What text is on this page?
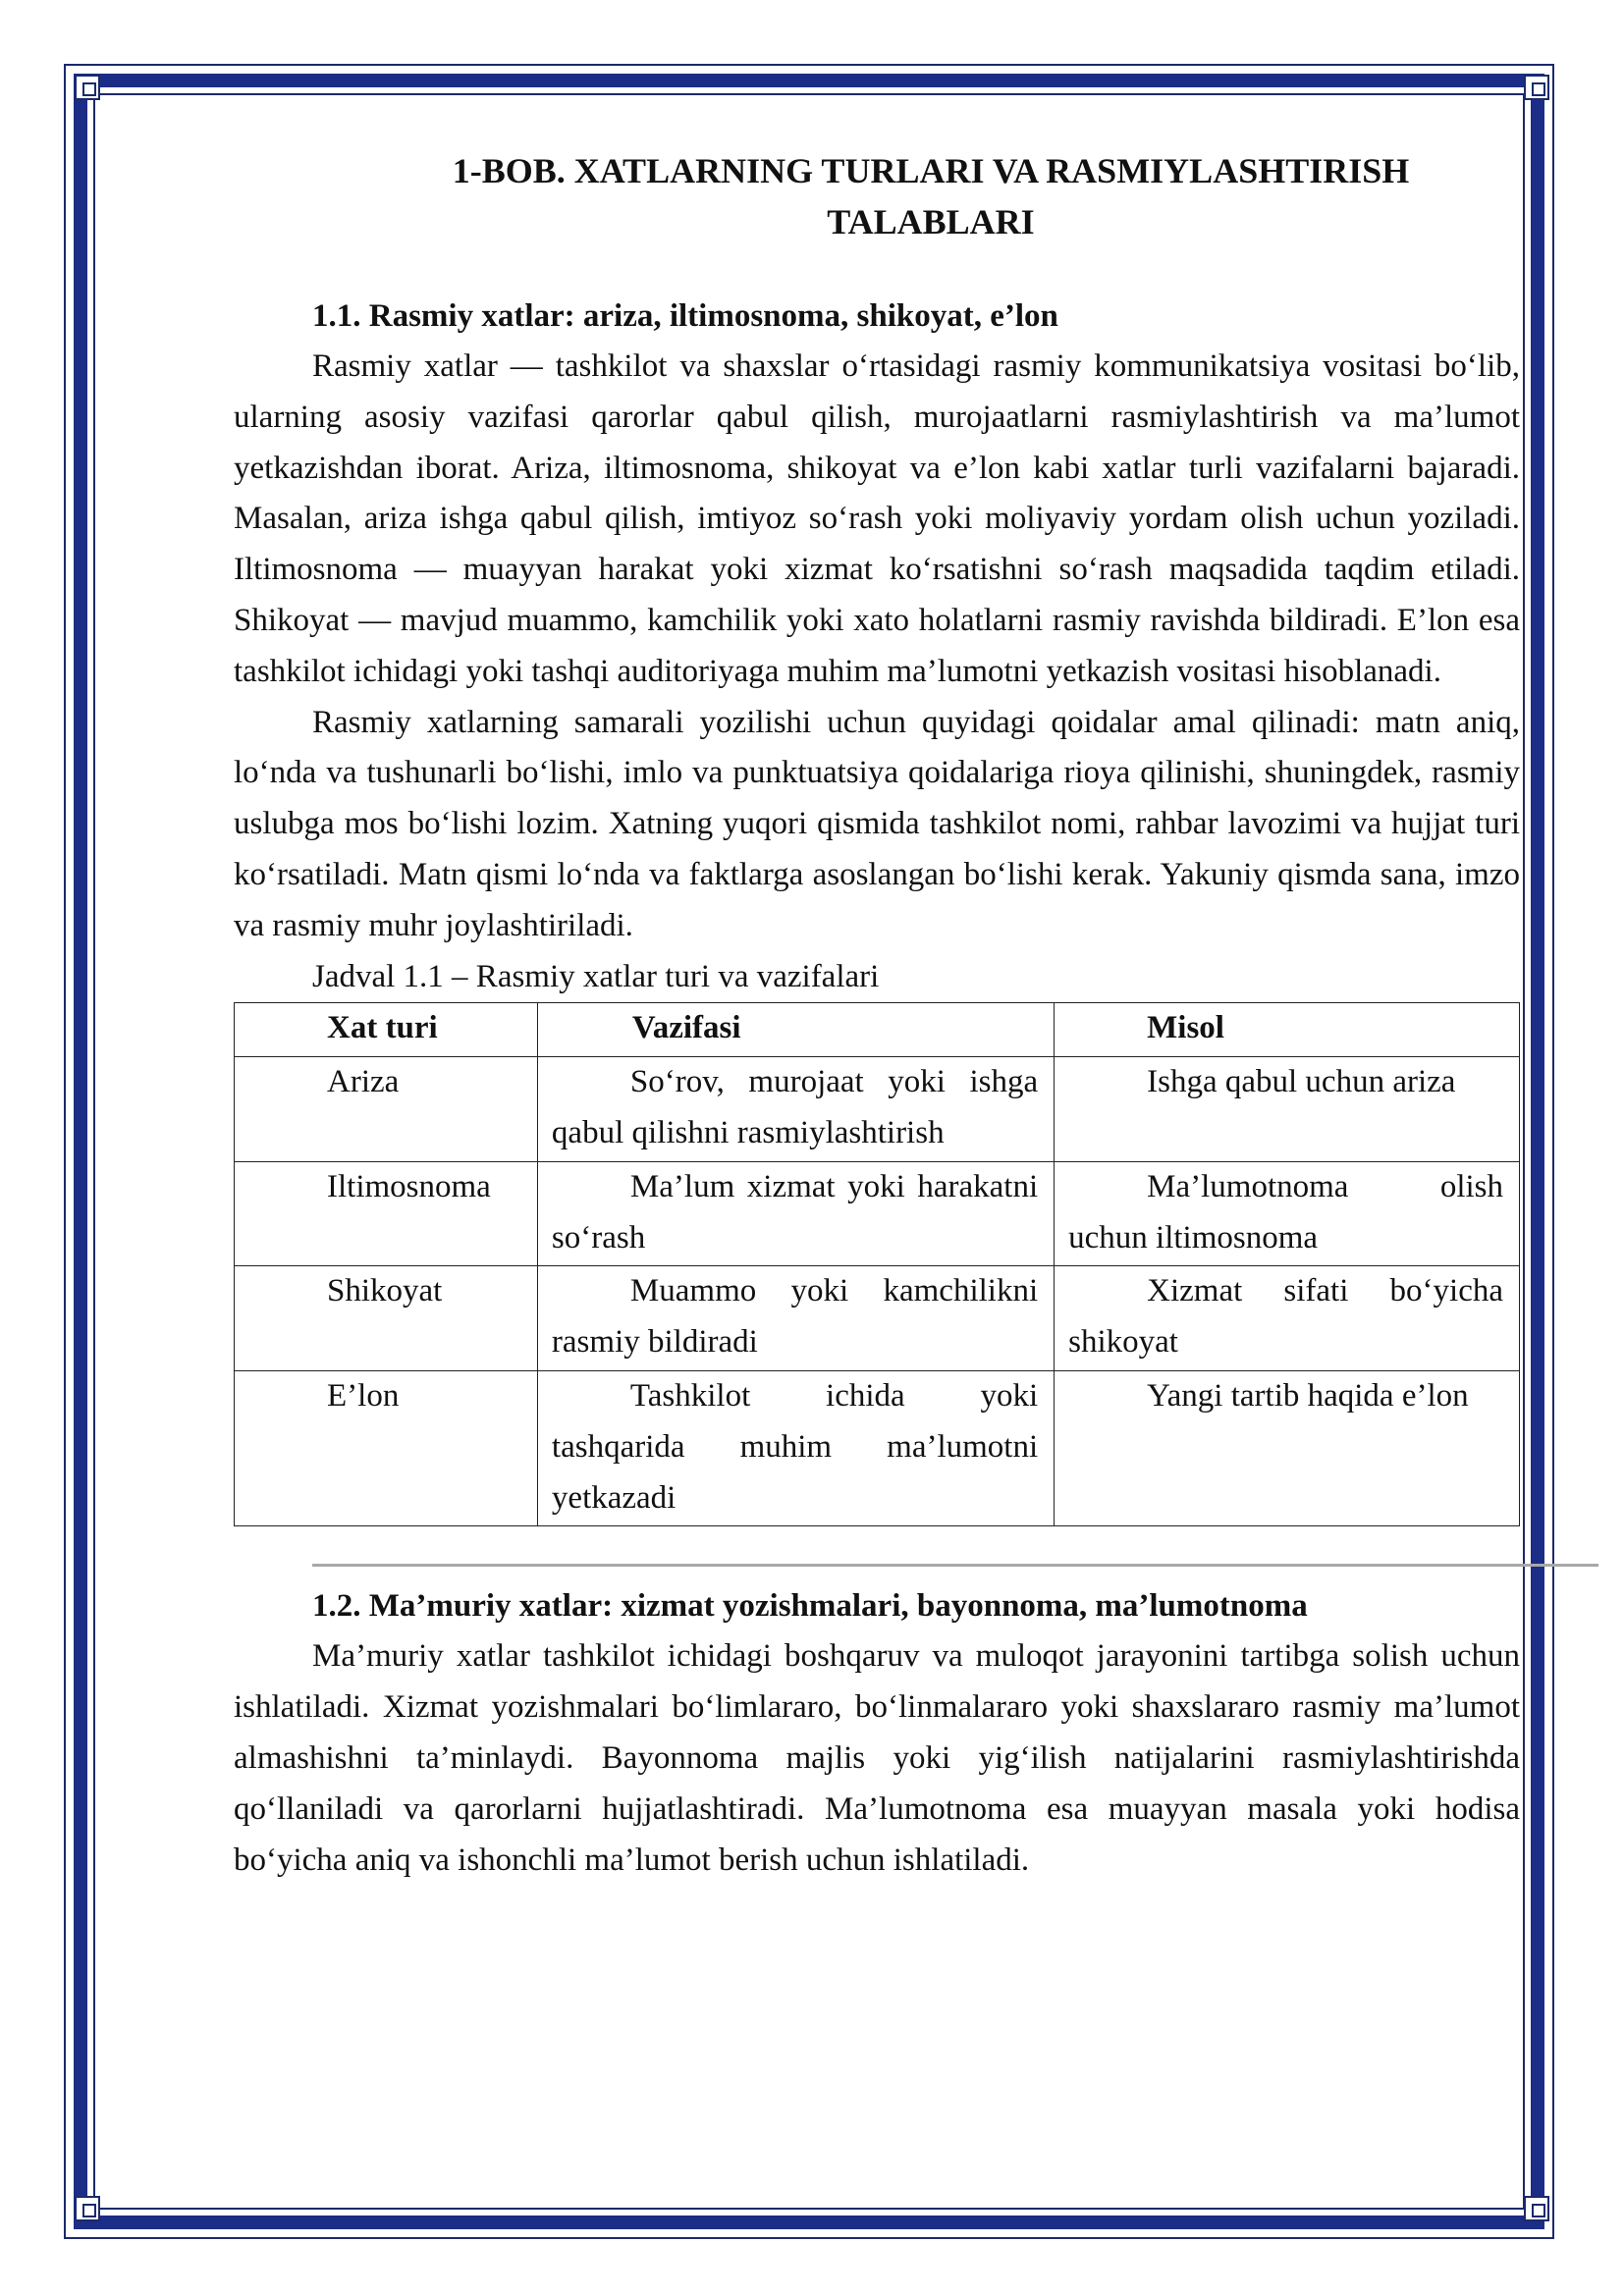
1-BOB. XATLARNING TURLARI VA RASMIYLASHTIRISH
TALABLARI
1.1. Rasmiy xatlar: ariza, iltimosnoma, shikoyat, e’lon

Rasmiy xatlar — tashkilot va shaxslar o‘rtasidagi rasmiy kommunikatsiya vositasi bo‘lib, ularning asosiy vazifasi qarorlar qabul qilish, murojaatlarni rasmiylashtirish va ma’lumot yetkazishdan iborat. Ariza, iltimosnoma, shikoyat va e’lon kabi xatlar turli vazifalarni bajaradi. Masalan, ariza ishga qabul qilish, imtiyoz so‘rash yoki moliyaviy yordam olish uchun yoziladi. Iltimosnoma — muayyan harakat yoki xizmat ko‘rsatishni so‘rash maqsadida taqdim etiladi. Shikoyat — mavjud muammo, kamchilik yoki xato holatlarni rasmiy ravishda bildiradi. E’lon esa tashkilot ichidagi yoki tashqi auditoriyaga muhim ma’lumotni yetkazish vositasi hisoblanadi.

Rasmiy xatlarning samarali yozilishi uchun quyidagi qoidalar amal qilinadi: matn aniq, lo‘nda va tushunarli bo‘lishi, imlo va punktuatsiya qoidalariga rioya qilinishi, shuningdek, rasmiy uslubga mos bo‘lishi lozim. Xatning yuqori qismida tashkilot nomi, rahbar lavozimi va hujjat turi ko‘rsatiladi. Matn qismi lo‘nda va faktlarga asoslangan bo‘lishi kerak. Yakuniy qismda sana, imzo va rasmiy muhr joylashtiriladi.

Jadval 1.1 – Rasmiy xatlar turi va vazifalari
Xat turi	Vazifasi	Misol
Ariza	So‘rov, murojaat yoki ishga qabul qilishni rasmiylashtirish	Ishga qabul uchun ariza
Iltimosnoma	Ma’lum xizmat yoki harakatni so‘rash	Ma’lumotnoma olish uchun iltimosnoma
Shikoyat	Muammo yoki kamchilikni rasmiy bildiradi	Xizmat sifati bo‘yicha shikoyat
E’lon	Tashkilot ichida yoki tashqarida muhim ma’lumotni yetkazadi	Yangi tartib haqida e’lon
1.2. Ma’muriy xatlar: xizmat yozishmalari, bayonnoma, ma’lumotnoma

Ma’muriy xatlar tashkilot ichidagi boshqaruv va muloqot jarayonini tartibga solish uchun ishlatiladi. Xizmat yozishmalari bo‘limlararo, bo‘linmalararo yoki shaxslararo rasmiy ma’lumot almashishni ta’minlaydi. Bayonnoma majlis yoki yig‘ilish natijalarini rasmiylashtirishda qo‘llaniladi va qarorlarni hujjatlashtiradi. Ma’lumotnoma esa muayyan masala yoki hodisa bo‘yicha aniq va ishonchli ma’lumot berish uchun ishlatiladi.
